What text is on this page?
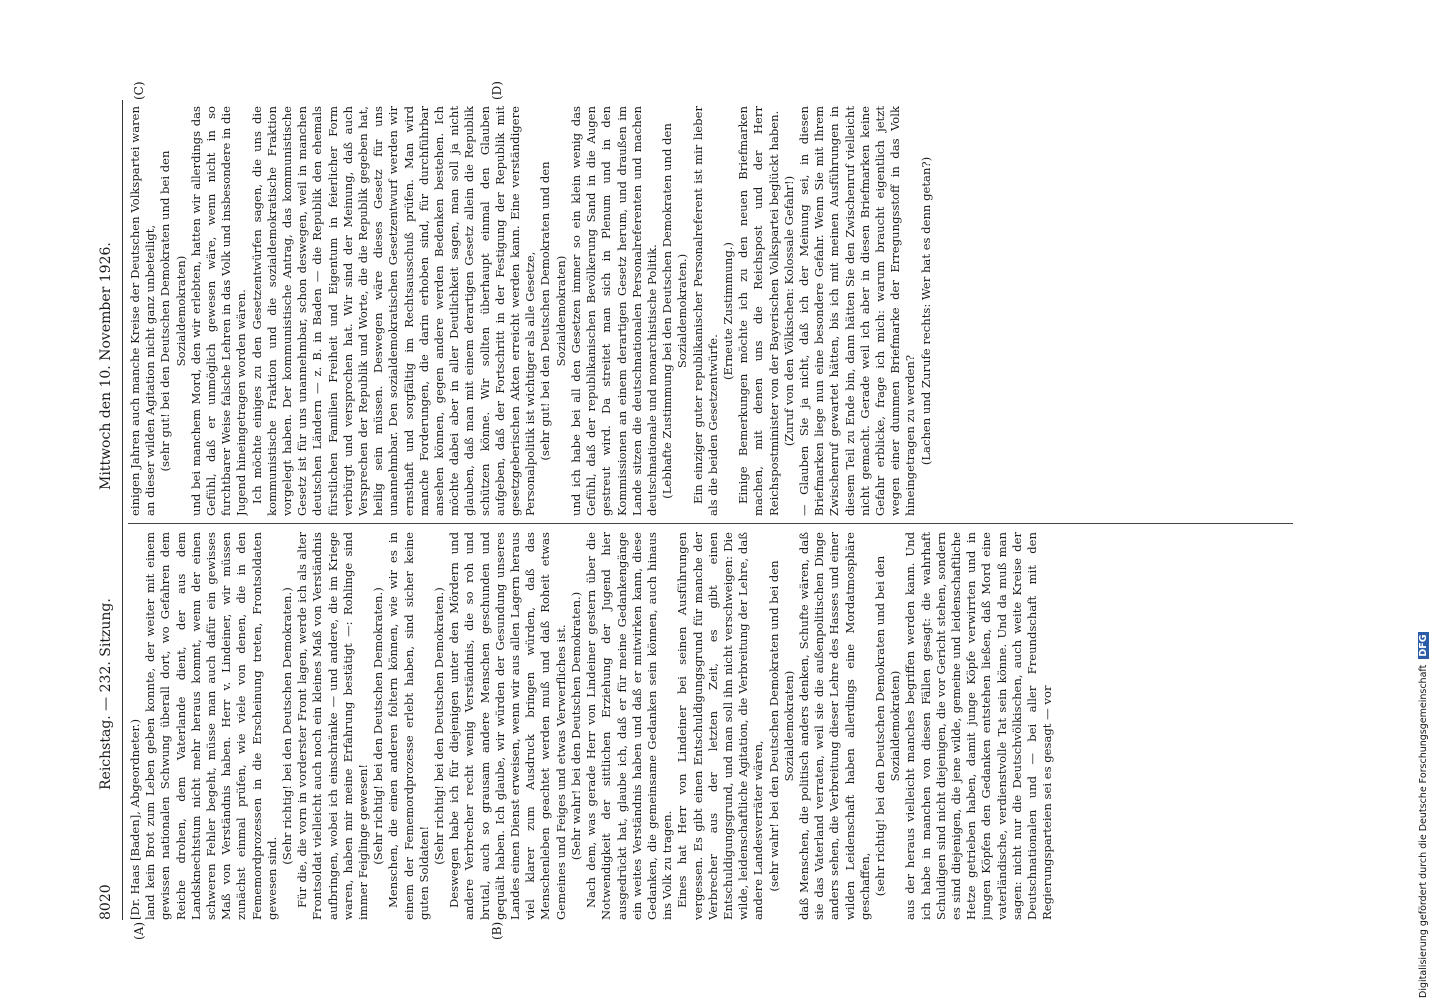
8020
Reichstag. — 232. Sitzung.
Mittwoch den 10. November 1926.

[Dr. Haas [Baden], Abgeordneter.) land kein Brot zum Leben geben konnte, der weiter mit einem gewissen nationalen Schwung überall dort, wo Gefahren dem Reiche drohen, dem Vaterlande dient, der aus dem Landsknechtstum nicht mehr heraus kommt, wenn der einen schweren Fehler begeht, müsse man auch dafür ein gewisses Maß von Verständnis haben. Herr v. Lindeiner, wir müssen zunächst einmal prüfen, wie viele von denen, die in den Fememordprozessen in die Erscheinung treten, Frontsoldaten gewesen sind.

(Sehr richtig! bei den Deutschen Demokraten.) Für die, die vorn in vorderster Front lagen, werde ich als alter Frontsoldat vielleicht auch noch ein kleines Maß von Verständnis aufbringen, wobei ich einschränke — und andere, die im Kriege waren, haben mir meine Erfahrung bestätigt —: Rohlinge sind immer Feiglinge gewesen! (Sehr richtig! bei den Deutschen Demokraten.) Menschen, die einen anderen foltern können, wie wir es in einem der Fememordprozesse erlebt haben, sind sicher keine guten Soldaten!

(Sehr richtig! bei den Deutschen Demokraten.) Deswegen habe ich für diejenigen unter den Mördern und andere Verbrecher recht wenig Verständnis, die so roh und brutal, auch so grausam andere Menschen geschunden und gequält haben. Ich glaube, wir würden der Gesundung unseres Landes einen Dienst erweisen, wenn wir aus allen Lagern heraus viel klarer zum Ausdruck bringen würden, daß das Menschenleben geachtet werden muß und daß Roheit etwas Gemeines und Feiges und etwas Verwerfliches ist. (Sehr wahr! bei den Deutschen Demokraten.) Nach dem, was gerade Herr von Lindeiner gestern über die Notwendigkeit der sittlichen Erziehung der Jugend hier ausgedrückt hat, glaube ich, daß er für meine Gedankengänge ein weites Verständnis haben und daß er mitwirken kann, diese Gedanken, die gemeinsame Gedanken sein können, auch hinaus ins Volk zu tragen. Eines hat Herr von Lindeiner bei seinen Ausführungen vergessen. Es gibt einen Entschuldigungsgrund für manche der Verbrecher aus der letzten Zeit, es gibt einen Entschuldigungsgrund, und man soll ihn nicht verschweigen: Die wilde, leidenschaftliche Agitation, die Verbreitung der Lehre, daß andere Landesverräter wären, (sehr wahr! bei den Deutschen Demokraten und bei den Sozialdemokraten) daß Menschen, die politisch anders denken, Schufte wären, daß sie das Vaterland verraten, weil sie die außenpolitischen Dinge anders sehen, die Verbreitung dieser Lehre des Hasses und einer wilden Leidenschaft haben allerdings eine Mordatmosphäre geschaffen, (sehr richtig! bei den Deutschen Demokraten und bei den Sozialdemokraten) aus der heraus vielleicht manches begriffen werden kann. Und ich habe in manchen von diesen Fällen gesagt: die wahrhaft Schuldigen sind nicht diejenigen, die vor Gericht stehen, sondern es sind diejenigen, die jene wilde, gemeine und leidenschaftliche Hetze getrieben haben, damit junge Köpfe verwirrten und in jungen Köpfen den Gedanken entstehen ließen, daß Mord eine vaterländische, verdienstvolle Tat sein könne. Und da muß man sagen: nicht nur die Deutschvölkischen, auch weite Kreise der Deutschnationalen und — bei aller Freundschaft mit den Regierungsparteien sei es gesagt — vor

einigen Jahren auch manche Kreise der Deutschen Volkspartei waren an dieser wilden Agitation nicht ganz unbeteiligt, (sehr gut! bei den Deutschen Demokraten und bei den Sozialdemokraten) und bei manchem Mord, den wir erlebten, hatten wir allerdings das Gefühl, daß er unmöglich gewesen wäre, wenn nicht in so furchtbarer Weise falsche Lehren in das Volk und insbesondere in die Jugend hineingetragen worden wären. Ich möchte einiges zu den Gesetzentwürfen sagen, die uns die kommunistische Fraktion und die sozialdemokratische Fraktion vorgelegt haben. Der kommunistische Antrag, das kommunistische Gesetz ist für uns unannehmbar, schon deswegen, weil in manchen deutschen Ländern — z. B. in Baden — die Republik den ehemals fürstlichen Familien Freiheit und Eigentum in feierlicher Form verbürgt und versprochen hat. Wir sind der Meinung, daß auch Versprechen der Republik und Worte, die die Republik gegeben hat, heilig sein müssen. Deswegen wäre dieses Gesetz für uns unannehmbar. Den sozialdemokratischen Gesetzentwurf werden wir ernsthaft und sorgfältig im Rechtsausschuß prüfen. Man wird manche Forderungen, die darin erhoben sind, für durchführbar ansehen können, gegen andere werden Bedenken bestehen. Ich möchte dabei aber in aller Deutlichkeit sagen, man soll ja nicht glauben, daß man mit einem derartigen Gesetz allein die Republik schützen könne. Wir sollten überhaupt einmal den Glauben aufgeben, daß der Fortschritt in der Festigung der Republik mit gesetzgeberischen Akten erreicht werden kann. Eine verständigere Personalpolitik ist wichtiger als alle Gesetze, (sehr gut! bei den Deutschen Demokraten und den Sozialdemokraten) und ich habe bei all den Gesetzen immer so ein klein wenig das Gefühl, daß der republikanischen Bevölkerung Sand in die Augen gestreut wird. Da streitet man sich in Plenum und in den Kommissionen an einem derartigen Gesetz herum, und draußen im Lande sitzen die deutschnationalen Personalreferenten und machen deutschnationale und monarchistische Politik. (Lebhafte Zustimmung bei den Deutschen Demokraten und den Sozialdemokraten.) Ein einziger guter republikanischer Personalreferent ist mir lieber als die beiden Gesetzentwürfe.

(Erneute Zustimmung.) Einige Bemerkungen möchte ich zu den neuen Briefmarken machen, mit denen uns die Reichspost und der Herr Reichspostminister von der Bayerischen Volkspartei beglückt haben. (Zuruf von den Völkischen: Kolossale Gefahr!) — Glauben Sie ja nicht, daß ich der Meinung sei, in diesen Briefmarken liege nun eine besondere Gefahr. Wenn Sie mit Ihrem Zwischenruf gewartet hätten, bis ich mit meinen Ausführungen in diesem Teil zu Ende bin, dann hätten Sie den Zwischenruf vielleicht nicht gemacht. Gerade weil ich aber in diesen Briefmarken keine Gefahr erblicke, frage ich mich: warum braucht eigentlich jetzt wegen einer dummen Briefmarke der Erregungsstoff in das Volk hineingetragen zu werden? (Lachen und Zurufe rechts: Wer hat es denn getan?)

(A)	(B)
(C)	(D)
Digitalisierung gefördert durch die Deutsche Forschungsgemeinschaft DFG
